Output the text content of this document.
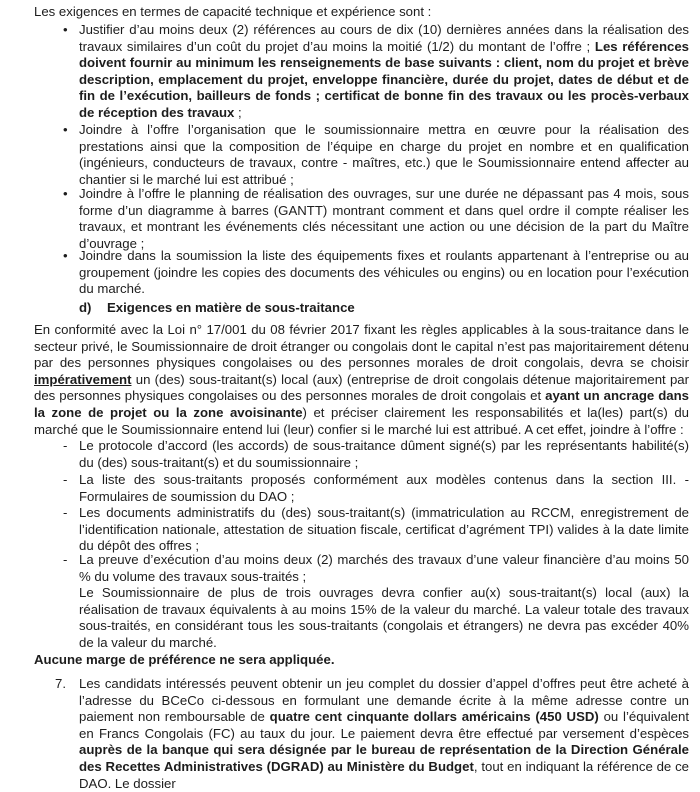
Les exigences en termes de capacité technique et expérience sont :

• Justifier d’au moins deux (2) références au cours de dix (10) dernières années dans la réalisation des travaux similaires d’un coût du projet d’au moins la moitié (1/2) du montant de l’offre ; Les références doivent fournir au minimum les renseignements de base suivants : client, nom du projet et brève description, emplacement du projet, enveloppe financière, durée du projet, dates de début et de fin de l’exécution, bailleurs de fonds ; certificat de bonne fin des travaux ou les procès-verbaux de réception des travaux ;
• Joindre à l’offre l’organisation que le soumissionnaire mettra en œuvre pour la réalisation des prestations ainsi que la composition de l’équipe en charge du projet en nombre et en qualification (ingénieurs, conducteurs de travaux, contre - maîtres, etc.) que le Soumissionnaire entend affecter au chantier si le marché lui est attribué ;
• Joindre à l’offre le planning de réalisation des ouvrages, sur une durée ne dépassant pas 4 mois, sous forme d’un diagramme à barres (GANTT) montrant comment et dans quel ordre il compte réaliser les travaux, et montrant les événements clés nécessitant une action ou une décision de la part du Maître d’ouvrage ;
• Joindre dans la soumission la liste des équipements fixes et roulants appartenant à l’entreprise ou au groupement (joindre les copies des documents des véhicules ou engins) ou en location pour l’exécution du marché.
d) Exigences en matière de sous-traitance

En conformité avec la Loi n° 17/001 du 08 février 2017 fixant les règles applicables à la sous-traitance dans le secteur privé, le Soumissionnaire de droit étranger ou congolais dont le capital n’est pas majoritairement détenu par des personnes physiques congolaises ou des personnes morales de droit congolais, devra se choisir impérativement un (des) sous-traitant(s) local (aux) (entreprise de droit congolais détenue majoritairement par des personnes physiques congolaises ou des personnes morales de droit congolais et ayant un ancrage dans la zone de projet ou la zone avoisinante) et préciser clairement les responsabilités et la(les) part(s) du marché que le Soumissionnaire entend lui (leur) confier si le marché lui est attribué. A cet effet, joindre à l’offre :

- Le protocole d’accord (les accords) de sous-traitance dûment signé(s) par les représentants habilité(s) du (des) sous-traitant(s) et du soumissionnaire ;
- La liste des sous-traitants proposés conformément aux modèles contenus dans la section III. - Formulaires de soumission du DAO ;
- Les documents administratifs du (des) sous-traitant(s) (immatriculation au RCCM, enregistrement de l’identification nationale, attestation de situation fiscale, certificat d’agrément TPI) valides à la date limite du dépôt des offres ;
- La preuve d’exécution d’au moins deux (2) marchés des travaux d’une valeur financière d’au moins 50 % du volume des travaux sous-traités ;

Le Soumissionnaire de plus de trois ouvrages devra confier au(x) sous-traitant(s) local (aux) la réalisation de travaux équivalents à au moins 15% de la valeur du marché. La valeur totale des travaux sous-traités, en considérant tous les sous-traitants (congolais et étrangers) ne devra pas excéder 40% de la valeur du marché.

Aucune marge de préférence ne sera appliquée.

7. Les candidats intéressés peuvent obtenir un jeu complet du dossier d’appel d’offres peut être acheté à l’adresse du BCeCo ci-dessous en formulant une demande écrite à la même adresse contre un paiement non remboursable de quatre cent cinquante dollars américains (450 USD) ou l’équivalent en Francs Congolais (FC) au taux du jour. Le paiement devra être effectué par versement d’espèces auprès de la banque qui sera désignée par le bureau de représentation de la Direction Générale des Recettes Administratives (DGRAD) au Ministère du Budget, tout en indiquant la référence de ce DAO. Le dossier
